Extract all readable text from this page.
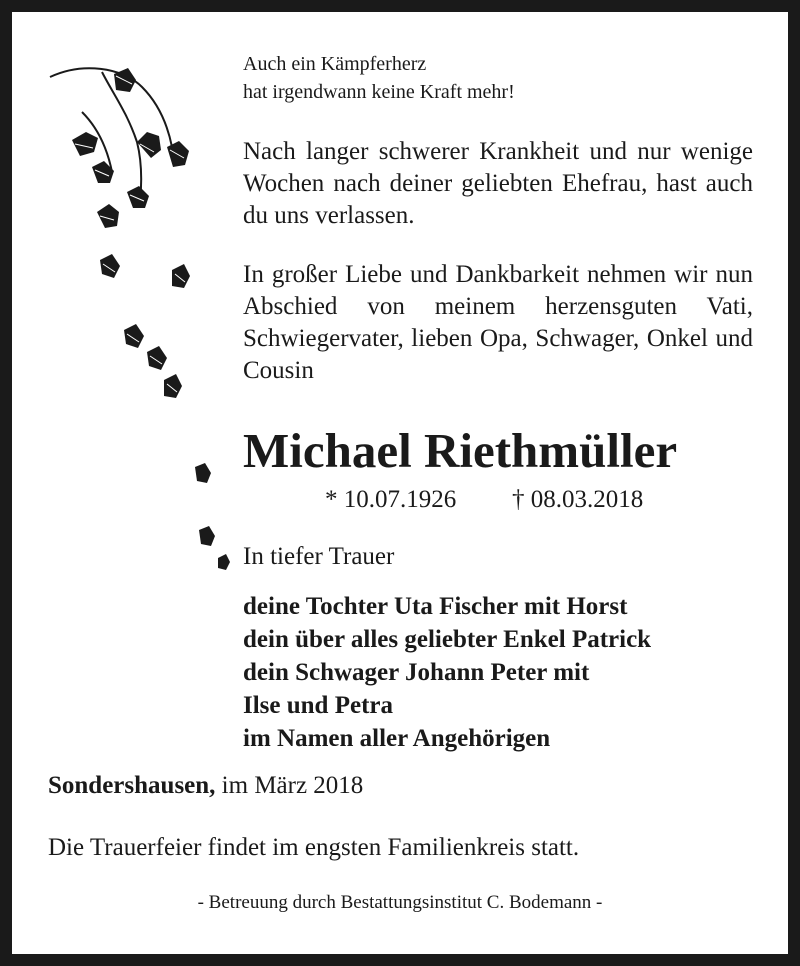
Auch ein Kämpferherz
hat irgendwann keine Kraft mehr!
Nach langer schwerer Krankheit und nur wenige Wochen nach deiner geliebten Ehefrau, hast auch du uns verlassen.
In großer Liebe und Dankbarkeit nehmen wir nun Abschied von meinem herzensguten Vati, Schwiegervater, lieben Opa, Schwager, Onkel und Cousin
Michael Riethmüller
* 10.07.1926 † 08.03.2018
In tiefer Trauer
deine Tochter Uta Fischer mit Horst
dein über alles geliebter Enkel Patrick
dein Schwager Johann Peter mit
Ilse und Petra
im Namen aller Angehörigen
Sondershausen, im März 2018
Die Trauerfeier findet im engsten Familienkreis statt.
- Betreuung durch Bestattungsinstitut C. Bodemann -
